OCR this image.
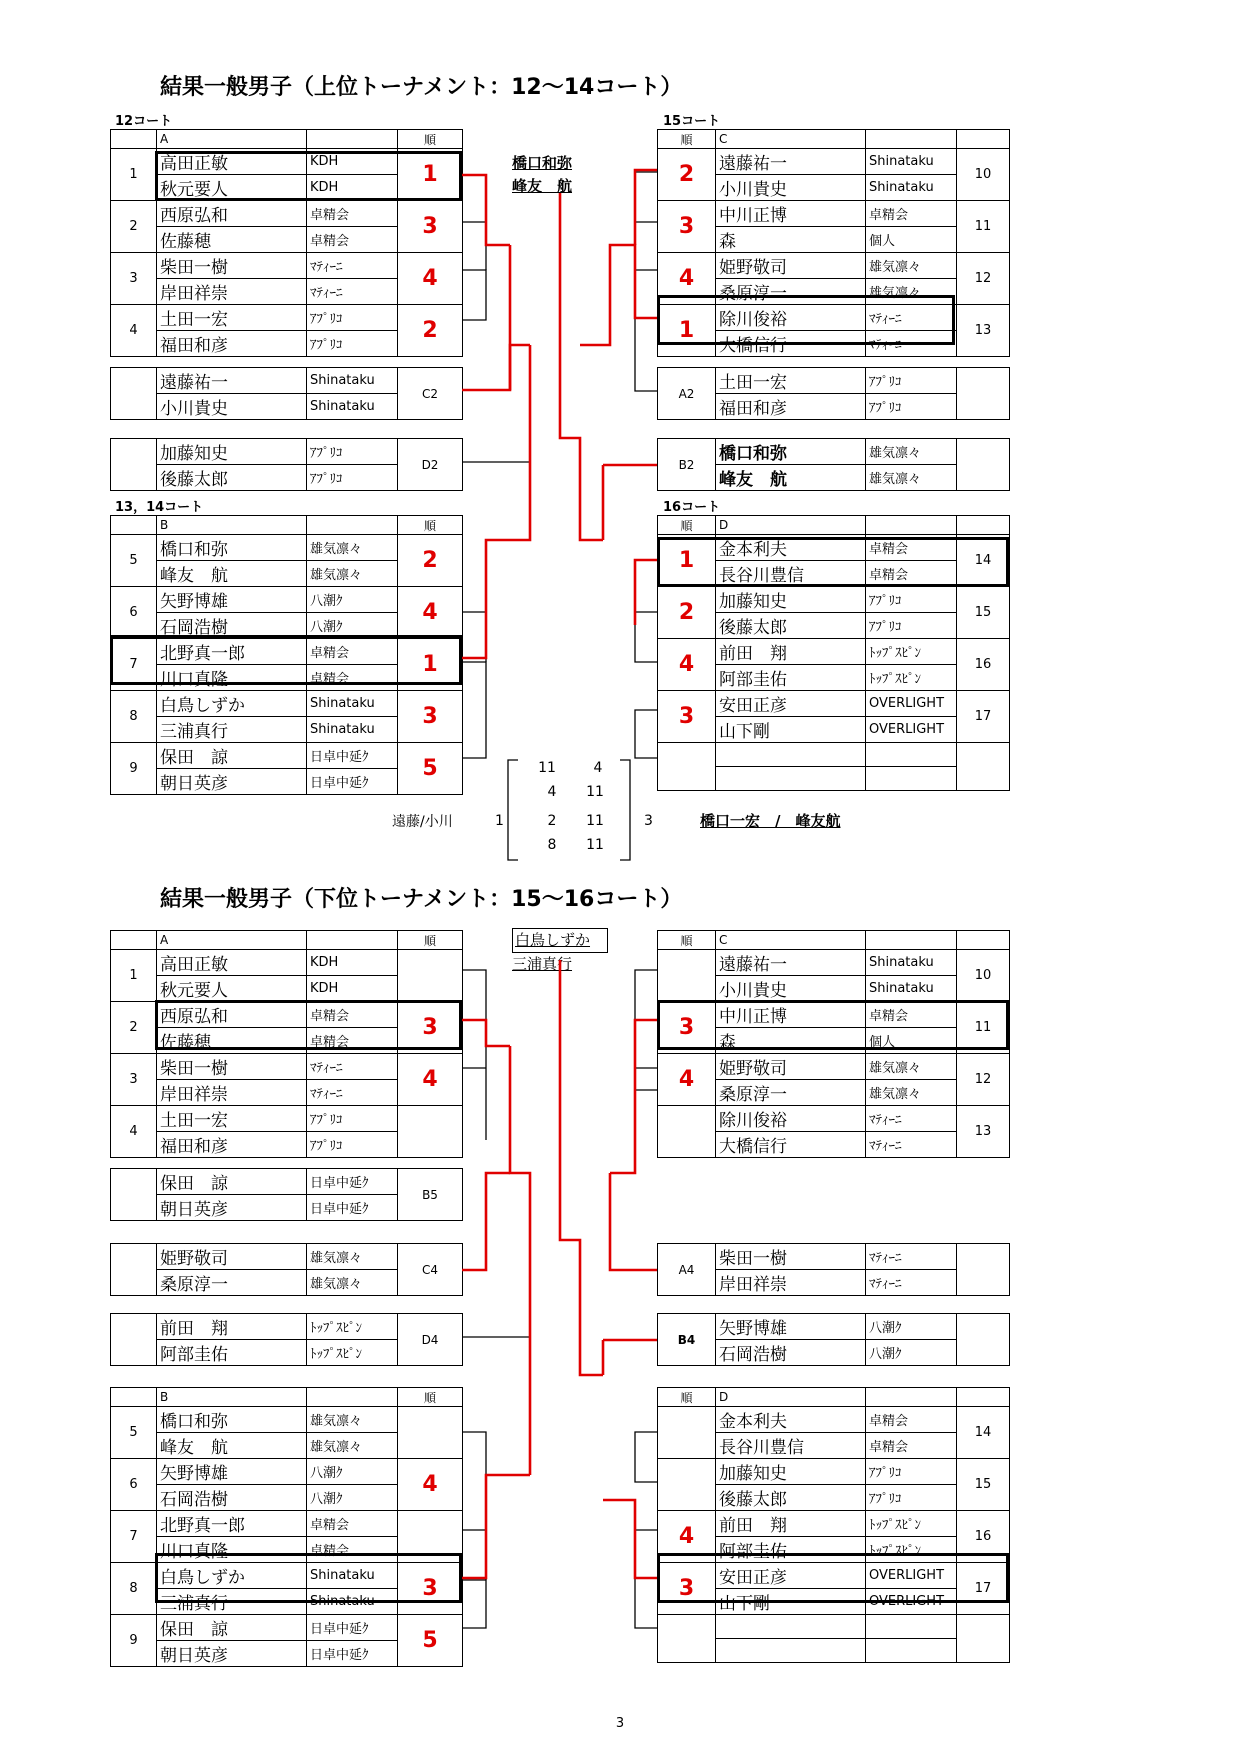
結果一般男子（上位トーナメント：12～14コート）
12コート	15コート
	A		順
1	高田正敏	KDH	1
	秋元要人	KDH	
2	西原弘和	卓精会	3
	佐藤穂	卓精会	
3	柴田一樹	ﾏﾃｨｰﾆ	4
	岸田祥崇	ﾏﾃｨｰﾆ	
4	土田一宏	ｱﾌﾟﾘｺ	2
	福田和彦	ｱﾌﾟﾘｺ	
順	C		
2	遠藤祐一	Shinataku	10
	小川貴史	Shinataku	
3	中川正博	卓精会	11
	森	個人	
4	姫野敬司	雄気凛々	12
	桑原淳一	雄気凛々	
1	除川俊裕	ﾏﾃｨｰﾆ	13
	大橋信行	ﾏﾃｨｰﾆ	
	遠藤祐一	Shinataku	C2
	小川貴史	Shinataku	
	加藤知史	ｱﾌﾟﾘｺ	D2
	後藤太郎	ｱﾌﾟﾘｺ	
A2	土田一宏	ｱﾌﾟﾘｺ	
	福田和彦	ｱﾌﾟﾘｺ	
B2	橋口和弥	雄気凛々	
	峰友　航	雄気凛々	
13，14コート	16コート
	B		順
5	橋口和弥	雄気凛々	2
	峰友　航	雄気凛々	
6	矢野博雄	八潮ｸ	4
	石岡浩樹	八潮ｸ	
7	北野真一郎	卓精会	1
	川口真隆	卓精会	
8	白鳥しずか	Shinataku	3
	三浦真行	Shinataku	
9	保田　諒	日卓中延ｸ	5
	朝日英彦	日卓中延ｸ	
順	D		
1	金本利夫	卓精会	14
	長谷川豊信	卓精会	
2	加藤知史	ｱﾌﾟﾘｺ	15
	後藤太郎	ｱﾌﾟﾘｺ	
4	前田　翔	ﾄｯﾌﾟｽﾋﾟﾝ	16
	阿部圭佑	ﾄｯﾌﾟｽﾋﾟﾝ	
3	安田正彦	OVERLIGHT	17
	山下剛	OVERLIGHT	

橋口和弥
峰友　航
遠藤/小川	1	3	橋口一宏　/　峰友航
11	4
4	11
2	11
8	11
結果一般男子（下位トーナメント：15～16コート）
	A		順
1	高田正敏	KDH	
	秋元要人	KDH	
2	西原弘和	卓精会	3
	佐藤穂	卓精会	
3	柴田一樹	ﾏﾃｨｰﾆ	4
	岸田祥崇	ﾏﾃｨｰﾆ	
4	土田一宏	ｱﾌﾟﾘｺ	
	福田和彦	ｱﾌﾟﾘｺ	
順	C		
	遠藤祐一	Shinataku	10
	小川貴史	Shinataku	
3	中川正博	卓精会	11
	森	個人	
4	姫野敬司	雄気凛々	12
	桑原淳一	雄気凛々	
	除川俊裕	ﾏﾃｨｰﾆ	13
	大橋信行	ﾏﾃｨｰﾆ	
	保田　諒	日卓中延ｸ	B5
	朝日英彦	日卓中延ｸ	
	姫野敬司	雄気凛々	C4
	桑原淳一	雄気凛々	
	前田　翔	ﾄｯﾌﾟｽﾋﾟﾝ	D4
	阿部圭佑	ﾄｯﾌﾟｽﾋﾟﾝ	
A4	柴田一樹	ﾏﾃｨｰﾆ	
	岸田祥崇	ﾏﾃｨｰﾆ	
B4	矢野博雄	八潮ｸ	
	石岡浩樹	八潮ｸ	
	B		順
5	橋口和弥	雄気凛々	
	峰友　航	雄気凛々	
6	矢野博雄	八潮ｸ	4
	石岡浩樹	八潮ｸ	
7	北野真一郎	卓精会	
	川口真隆	卓精会	
8	白鳥しずか	Shinataku	3
	三浦真行	Shinataku	
9	保田　諒	日卓中延ｸ	5
	朝日英彦	日卓中延ｸ	
順	D		
	金本利夫	卓精会	14
	長谷川豊信	卓精会	
	加藤知史	ｱﾌﾟﾘｺ	15
	後藤太郎	ｱﾌﾟﾘｺ	
4	前田　翔	ﾄｯﾌﾟｽﾋﾟﾝ	16
	阿部圭佑	ﾄｯﾌﾟｽﾋﾟﾝ	
3	安田正彦	OVERLIGHT	17
	山下剛	OVERLIGHT	

白鳥しずか
三浦真行
3
